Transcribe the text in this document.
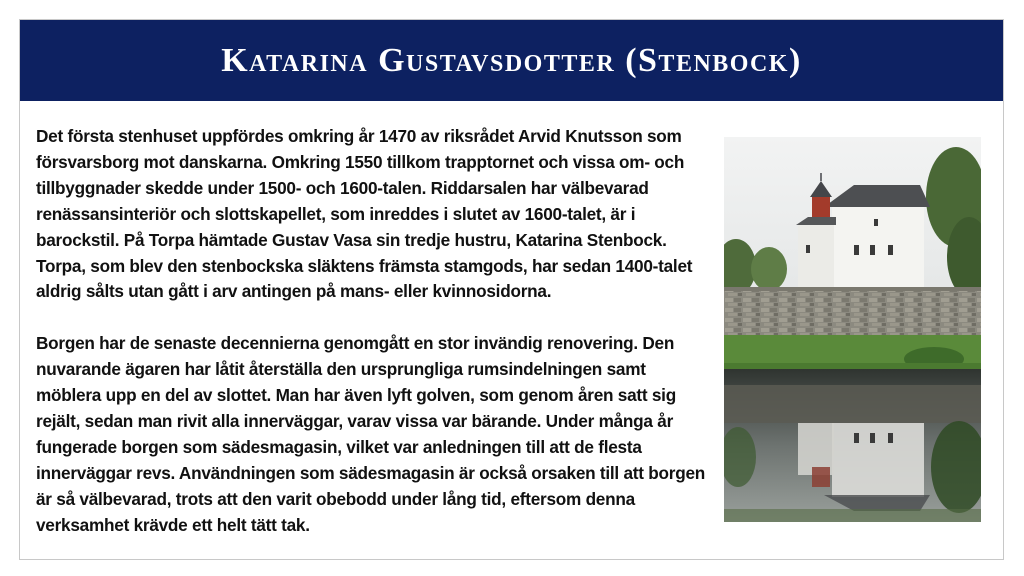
Katarina Gustavsdotter (Stenbock)

Det första stenhuset uppfördes omkring år 1470 av riksrådet Arvid Knutsson som försvarsborg mot danskarna. Omkring 1550 tillkom trapptornet och vissa om- och tillbyggnader skedde under 1500- och 1600-talen. Riddarsalen har välbevarad renässansinteriör och slottskapellet, som inreddes i slutet av 1600-talet, är i barockstil. På Torpa hämtade Gustav Vasa sin tredje hustru, Katarina Stenbock. Torpa, som blev den stenbockska släktens främsta stamgods, har sedan 1400-talet aldrig sålts utan gått i arv antingen på mans- eller kvinnosidorna.

Borgen har de senaste decennierna genomgått en stor invändig renovering. Den nuvarande ägaren har låtit återställa den ursprungliga rumsindelningen samt möblera upp en del av slottet. Man har även lyft golven, som genom åren satt sig rejält, sedan man rivit alla innerväggar, varav vissa var bärande. Under många år fungerade borgen som sädesmagasin, vilket var anledningen till att de flesta innerväggar revs. Användningen som sädesmagasin är också orsaken till att borgen är så välbevarad, trots att den varit obebodd under lång tid, eftersom denna verksamhet krävde ett helt tätt tak.
